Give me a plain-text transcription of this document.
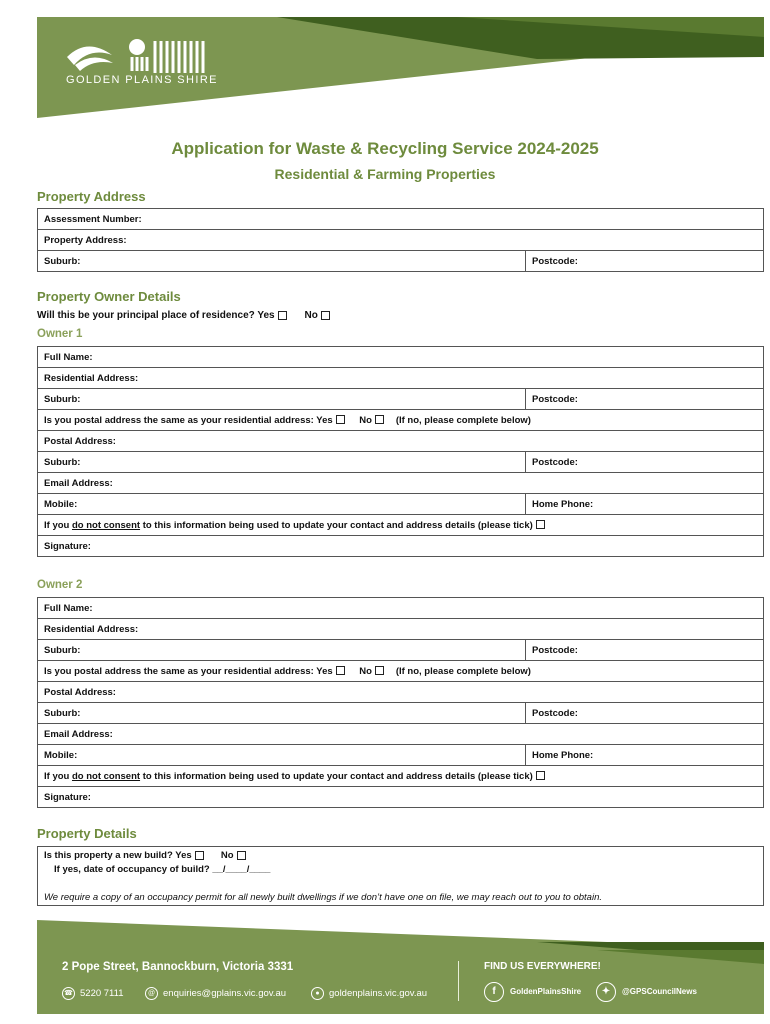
GOLDEN PLAINS SHIRE
Application for Waste & Recycling Service 2024-2025
Residential & Farming Properties
Property Address
Assessment Number:
Property Address:
Suburb:	Postcode:
Property Owner Details
Will this be your principal place of residence? Yes	No
Owner 1
Full Name:	
Residential Address:	
Suburb:	Postcode:
Is you postal address the same as your residential address: Yes No (If no, please complete below)	
Postal Address:	
Suburb:	Postcode:
Email Address:	
Mobile:	Home Phone:
If you do not consent to this information being used to update your contact and address details (please tick)	
Signature:	
Owner 2
Full Name:	
Residential Address:	
Suburb:	Postcode:
Is you postal address the same as your residential address: Yes No (If no, please complete below)	
Postal Address:	
Suburb:	Postcode:
Email Address:	
Mobile:	Home Phone:
If you do not consent to this information being used to update your contact and address details (please tick)	
Signature:	
Property Details
Is this property a new build? Yes	No
If yes, date of occupancy of build? __/____/____
We require a copy of an occupancy permit for all newly built dwellings if we don’t have one on file, we may reach out to you to obtain.
2 Pope Street, Bannockburn, Victoria 3331
☎ 5220 7111	@ enquiries@gplains.vic.gov.au	● goldenplains.vic.gov.au
FIND US EVERYWHERE!
f GoldenPlainsShire	✦ @GPSCouncilNews
